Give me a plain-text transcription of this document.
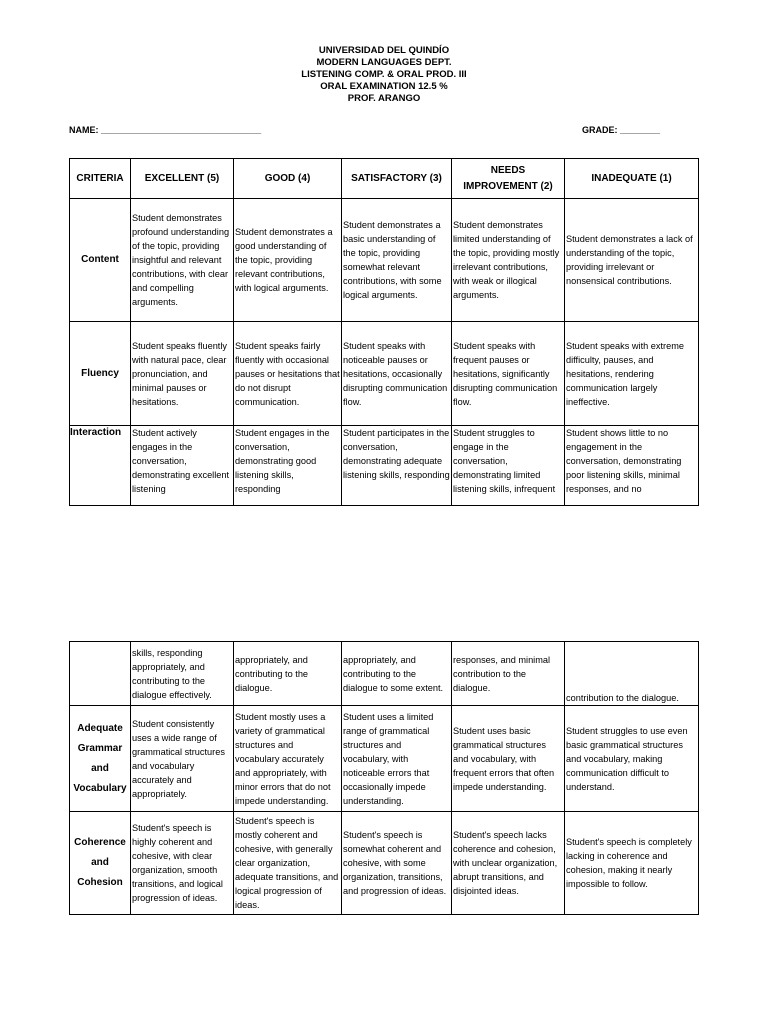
UNIVERSIDAD DEL QUINDÍO
MODERN LANGUAGES DEPT.
LISTENING COMP. & ORAL PROD. III
ORAL EXAMINATION 12.5 %
PROF. ARANGO
NAME: ________________________________	GRADE: ________
CRITERIA	EXCELLENT (5)	GOOD (4)	SATISFACTORY (3)	NEEDS IMPROVEMENT (2)	INADEQUATE (1)
Content	Student demonstrates profound understanding of the topic, providing insightful and relevant contributions, with clear and compelling arguments.	Student demonstrates a good understanding of the topic, providing relevant contributions, with logical arguments.	Student demonstrates a basic understanding of the topic, providing somewhat relevant contributions, with some logical arguments.	Student demonstrates limited understanding of the topic, providing mostly irrelevant contributions, with weak or illogical arguments.	Student demonstrates a lack of understanding of the topic, providing irrelevant or nonsensical contributions.
Fluency	Student speaks fluently with natural pace, clear pronunciation, and minimal pauses or hesitations.	Student speaks fairly fluently with occasional pauses or hesitations that do not disrupt communication.	Student speaks with noticeable pauses or hesitations, occasionally disrupting communication flow.	Student speaks with frequent pauses or hesitations, significantly disrupting communication flow.	Student speaks with extreme difficulty, pauses, and hesitations, rendering communication largely ineffective.
Interaction	Student actively engages in the conversation, demonstrating excellent listening	Student engages in the conversation, demonstrating good listening skills, responding	Student participates in the conversation, demonstrating adequate listening skills, responding	Student struggles to engage in the conversation, demonstrating limited listening skills, infrequent	Student shows little to no engagement in the conversation, demonstrating poor listening skills, minimal responses, and no
	skills, responding appropriately, and contributing to the dialogue effectively.	appropriately, and contributing to the dialogue.	appropriately, and contributing to the dialogue to some extent.	responses, and minimal contribution to the dialogue.	contribution to the dialogue.
Adequate Grammar and Vocabulary	Student consistently uses a wide range of grammatical structures and vocabulary accurately and appropriately.	Student mostly uses a variety of grammatical structures and vocabulary accurately and appropriately, with minor errors that do not impede understanding.	Student uses a limited range of grammatical structures and vocabulary, with noticeable errors that occasionally impede understanding.	Student uses basic grammatical structures and vocabulary, with frequent errors that often impede understanding.	Student struggles to use even basic grammatical structures and vocabulary, making communication difficult to understand.
Coherence and Cohesion	Student's speech is highly coherent and cohesive, with clear organization, smooth transitions, and logical progression of ideas.	Student's speech is mostly coherent and cohesive, with generally clear organization, adequate transitions, and logical progression of ideas.	Student's speech is somewhat coherent and cohesive, with some organization, transitions, and progression of ideas.	Student's speech lacks coherence and cohesion, with unclear organization, abrupt transitions, and disjointed ideas.	Student's speech is completely lacking in coherence and cohesion, making it nearly impossible to follow.
